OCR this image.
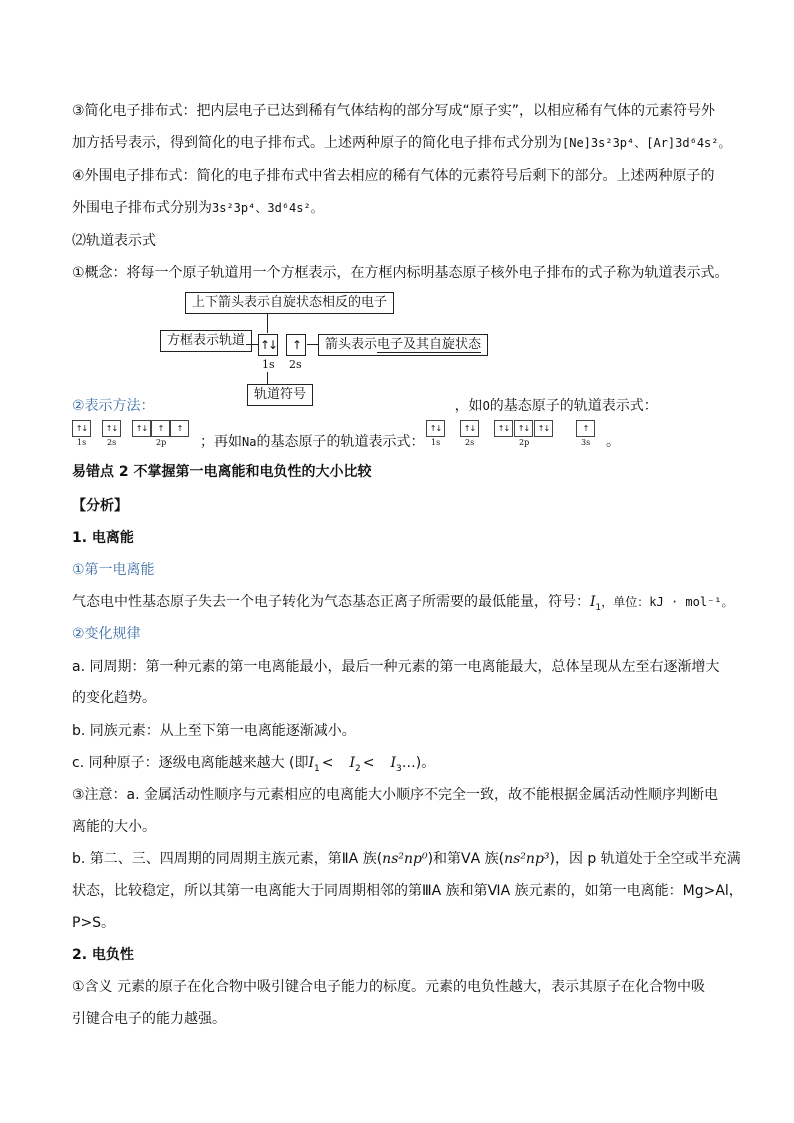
③简化电子排布式：把内层电子已达到稀有气体结构的部分写成“原子实”，以相应稀有气体的元素符号外
加方括号表示，得到简化的电子排布式。上述两种原子的简化电子排布式分别为[Ne]3s²3p⁴、[Ar]3d⁶4s²。
④外围电子排布式：简化的电子排布式中省去相应的稀有气体的元素符号后剩下的部分。上述两种原子的
外围电子排布式分别为3s²3p⁴、3d⁶4s²。
⑵轨道表示式
①概念：将每一个原子轨道用一个方框表示，在方框内标明基态原子核外电子排布的式子称为轨道表示式。
上下箭头表示自旋状态相反的电子
方框表示轨道	↑↓	↑
1s 2s
箭头表示电子及其自旋状态
轨道符号
②表示方法：	，如O的基态原子的轨道表示式：
↑↓	↑↓	↑↓	↑	↑
1s	2s	2p ；再如Na的基态原子的轨道表示式：
↑↓	↑↓	↑↓	↑↓	↑↓	↑
1s	2s	2p	3s 。
易错点 2 不掌握第一电离能和电负性的大小比较
【分析】
1. 电离能
①第一电离能
气态电中性基态原子失去一个电子转化为气态基态正离子所需要的最低能量，符号：$I_1$，单位：kJ · mol⁻¹。
②变化规律
a. 同周期：第一种元素的第一电离能最小，最后一种元素的第一电离能最大，总体呈现从左至右逐渐增大
的变化趋势。
b. 同族元素：从上至下第一电离能逐渐减小。
c. 同种原子：逐级电离能越来越大 (即$I_1 < I_2$ < $I_3\dots$)。
③注意：a. 金属活动性顺序与元素相应的电离能大小顺序不完全一致，故不能根据金属活动性顺序判断电
离能的大小。
b. 第二、三、四周期的同周期主族元素，第ⅡA 族(ns²np⁰)和第ⅤA 族(ns²np³)，因 p 轨道处于全空或半充满
状态，比较稳定，所以其第一电离能大于同周期相邻的第ⅢA 族和第ⅥA 族元素的，如第一电离能：Mg>Al，
P>S。
2. 电负性
①含义 元素的原子在化合物中吸引键合电子能力的标度。元素的电负性越大，表示其原子在化合物中吸
引键合电子的能力越强。
